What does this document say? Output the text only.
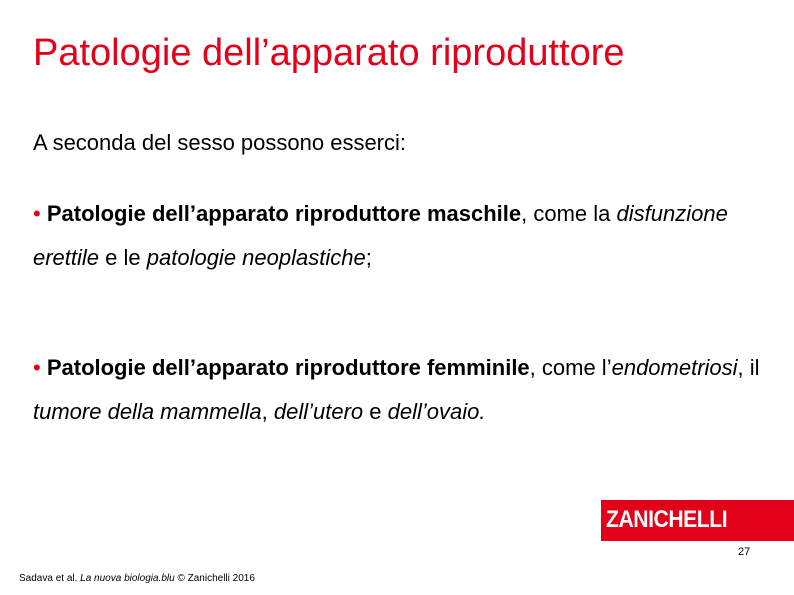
Patologie dell’apparato riproduttore
A seconda del sesso possono esserci:
• Patologie dell’apparato riproduttore maschile, come la disfunzione erettile e le patologie neoplastiche;
• Patologie dell’apparato riproduttore femminile, come l’endometriosi, il tumore della mammella, dell’utero e dell’ovaio.
ZANICHELLI
27
Sadava et al. La nuova biologia.blu © Zanichelli 2016
